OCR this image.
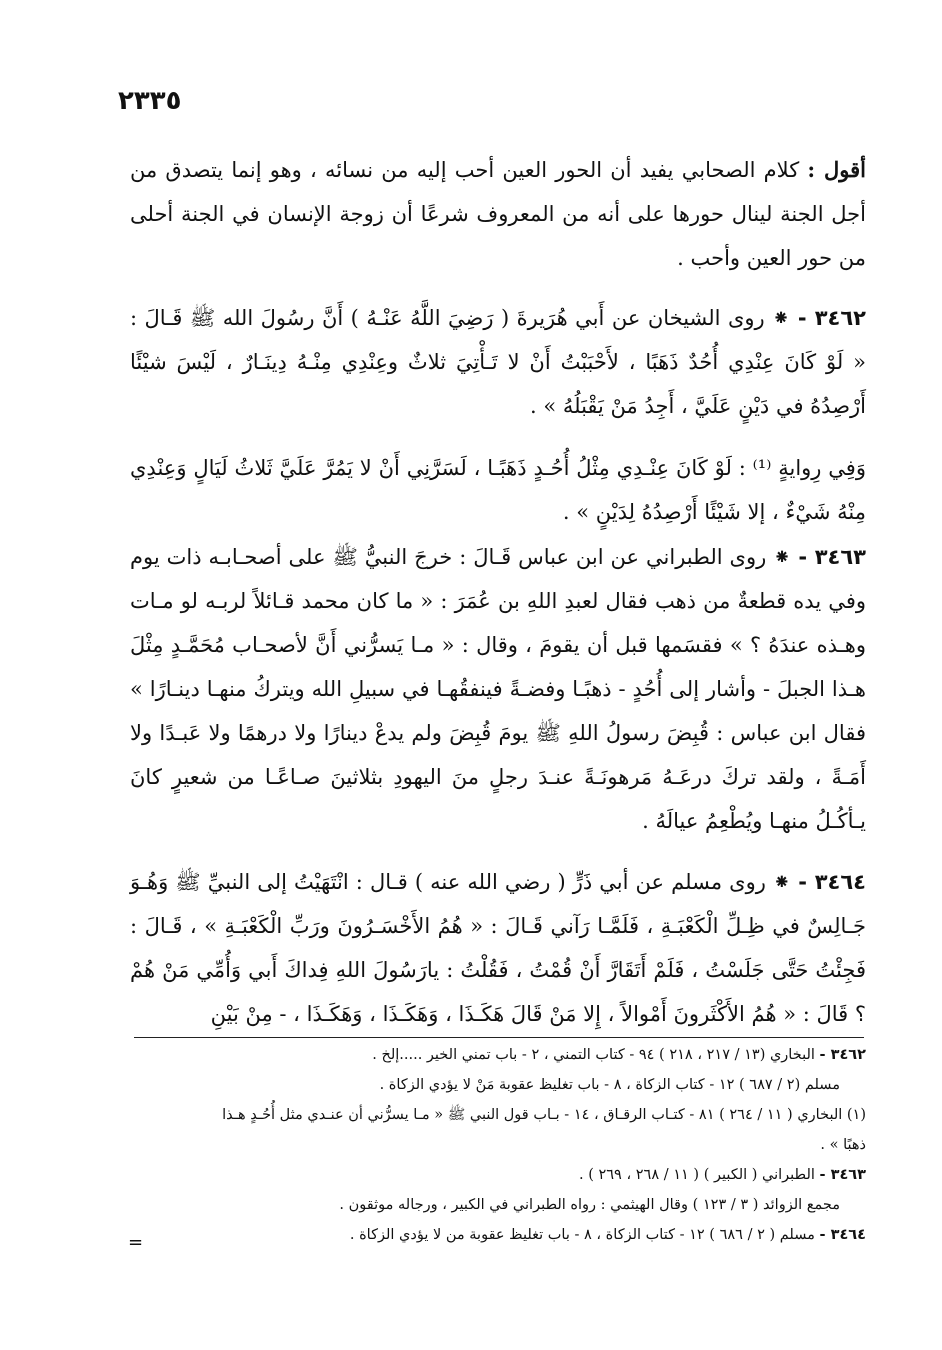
٢٣٣٥
أقول : كلام الصحابي يفيد أن الحور العين أحب إليه من نسائه ، وهو إنما يتصدق من أجل الجنة لينال حورها على أنه من المعروف شرعًا أن زوجة الإنسان في الجنة أحلى من حور العين وأحب .
٣٤٦٢ - ⁕ روى الشيخان عن أَبي هُرَيرةَ ( رَضِيَ اللَّهُ عَنْـهُ ) أَنَّ رسُولَ الله ﷺ قَـالَ : « لَوْ كَانَ عِنْدِي أُحُدٌ ذَهَبًا ، لأَحْبَبْتُ أَنْ لا تَـأْتِيَ ثلاثٌ وعِنْدِي مِنْـهُ دِينَـارٌ ، لَيْسَ شيْئًا أَرْصِدُهُ في دَيْنٍ عَلَيَّ ، أَجِدُ مَنْ يَقْبَلُهُ » .
وَفِي رِوايةٍ ⁽¹⁾ : لَوْ كَانَ عِنْـدِي مِثْلُ أُحُـدٍ ذَهَبًـا ، لَسَرَّنِي أَنْ لا يَمُرَّ عَلَيَّ ثَلاثُ لَيَالٍ وَعِنْدِي مِنْهُ شَيْءٌ ، إلا شَيْئًا أَرْصِدُهُ لِدَيْنٍ » .
٣٤٦٣ - ⁕ روى الطبراني عن ابن عباس قَـالَ : خرجَ النبيُّ ﷺ على أصحـابـه ذات يوم وفي يده قطعةٌ من ذهب فقال لعبدِ اللهِ بن عُمَرَ : « ما كان محمد قـائلاً لربـه لو مـات وهـذه عندَهُ ؟ » فقسَمها قبل أن يقومَ ، وقال : « مـا يَسرُّني أَنَّ لأصحـاب مُحَمَّـدٍ مِثْلَ هـذا الجبلَ - وأشار إلى أُحُدٍ - ذهبًـا وفضـةً فينفقُهـا في سبيلِ الله ويتركُ منهـا دينـارًا » فقال ابن عباس : قُبِضَ رسولُ اللهِ ﷺ يومَ قُبِضَ ولم يدعْ دينارًا ولا درهمًا ولا عَبـدًا ولا أَمَـةً ، ولقد تركَ درعَـهُ مَرهونَـةً عنـدَ رجلٍ منَ اليهودِ بثلاثينَ صـاعًـا من شعيرٍ كانَ يـأكُـلُ منهـا ويُطْعِمُ عيالَهُ .
٣٤٦٤ - ⁕ روى مسلم عن أبي ذَرٍّ ( رضي الله عنه ) قـال : انْتَهَيْتُ إلى النبيِّ ﷺ وَهُـوَ جَـالِسٌ في ظِـلِّ الْكَعْبَـةِ ، فَلَمَّـا رَآني قَـالَ : « هُمُ الأَخْسَـرُونَ ورَبِّ الْكَعْبَـةِ » ، قَـالَ : فَجِئْتُ حَتَّى جَلَسْتُ ، فَلَمْ أَتَقَارَّ أَنْ قُمْتُ ، فَقُلْتُ : يارَسُولَ اللهِ فِداكَ أَبي وَأُمِّي مَنْ هُمْ ؟ قَالَ : « هُمُ الأَكْثَرونَ أَمْوالاً ، إِلا مَنْ قَالَ هَكَـذَا ، وَهَكَـذَا ، وَهَكَـذَا ، - مِنْ بَيْنِ
٣٤٦٢ - البخاري (١٣ / ٢١٧ ، ٢١٨ ) ٩٤ - كتاب التمني ، ٢ - باب تمني الخير .....إلخ .
مسلم (٢ / ٦٨٧ ) ١٢ - كتاب الزكاة ، ٨ - باب تغليظ عقوبة مَنْ لا يؤدي الزكاة .
(١) البخاري ( ١١ / ٢٦٤ ) ٨١ - كتـاب الرقـاق ، ١٤ - بـاب قول النبي ﷺ « مـا يسرُّني أن عنـدي مثل أُحُـدٍ هـذا
ذهبًا » .
٣٤٦٣ - الطبراني ( الكبير ) ( ١١ / ٢٦٨ ، ٢٦٩ ) .
مجمع الزوائد ( ٣ / ١٢٣ ) وقال الهيثمي : رواه الطبراني في الكبير ، ورجاله موثقون .
٣٤٦٤ - مسلم ( ٢ / ٦٨٦ ) ١٢ - كتاب الزكاة ، ٨ - باب تغليظ عقوبة من لا يؤدي الزكاة .
=
